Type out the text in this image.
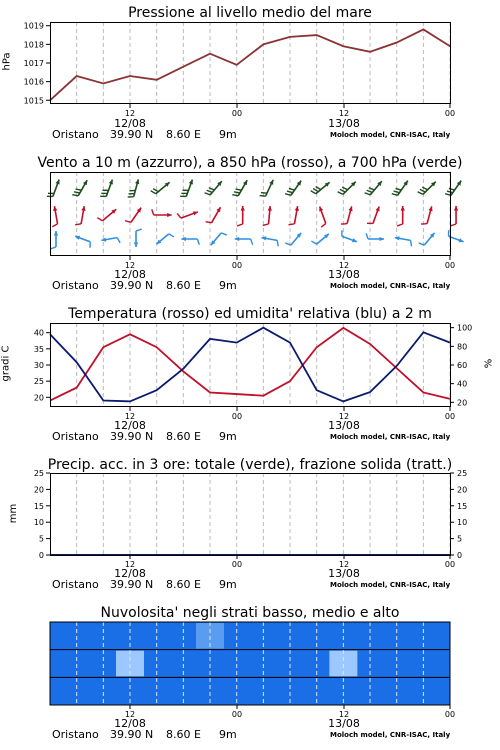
Pressione al livello medio del mare
hPa
12	00	12	00
1015
1016
1017
1018
1019
Vento a 10 m (azzurro), a 850 hPa (rosso), a 700 hPa (verde)
12	00	12	00
Temperatura (rosso) ed umidita' relativa (blu) a 2 m
gradi C	%
12	00	12	00
20
25
30
35
40
20
40
60
80
100
Precip. acc. in 3 ore: totale (verde), frazione solida (tratt.)
mm
12	00	12	00
0	0
5	5
10	10
15	15
20	20
25	25
Nuvolosita' negli strati basso, medio e alto
12	00	12	00
12/08	13/08
Oristano 39.90 N 8.60 E 9m	Moloch model, CNR-ISAC, Italy
12/08	13/08
Oristano 39.90 N 8.60 E 9m	Moloch model, CNR-ISAC, Italy
12/08	13/08
Oristano 39.90 N 8.60 E 9m	Moloch model, CNR-ISAC, Italy
12/08	13/08
Oristano 39.90 N 8.60 E 9m	Moloch model, CNR-ISAC, Italy
12/08	13/08
Oristano 39.90 N 8.60 E 9m	Moloch model, CNR-ISAC, Italy
